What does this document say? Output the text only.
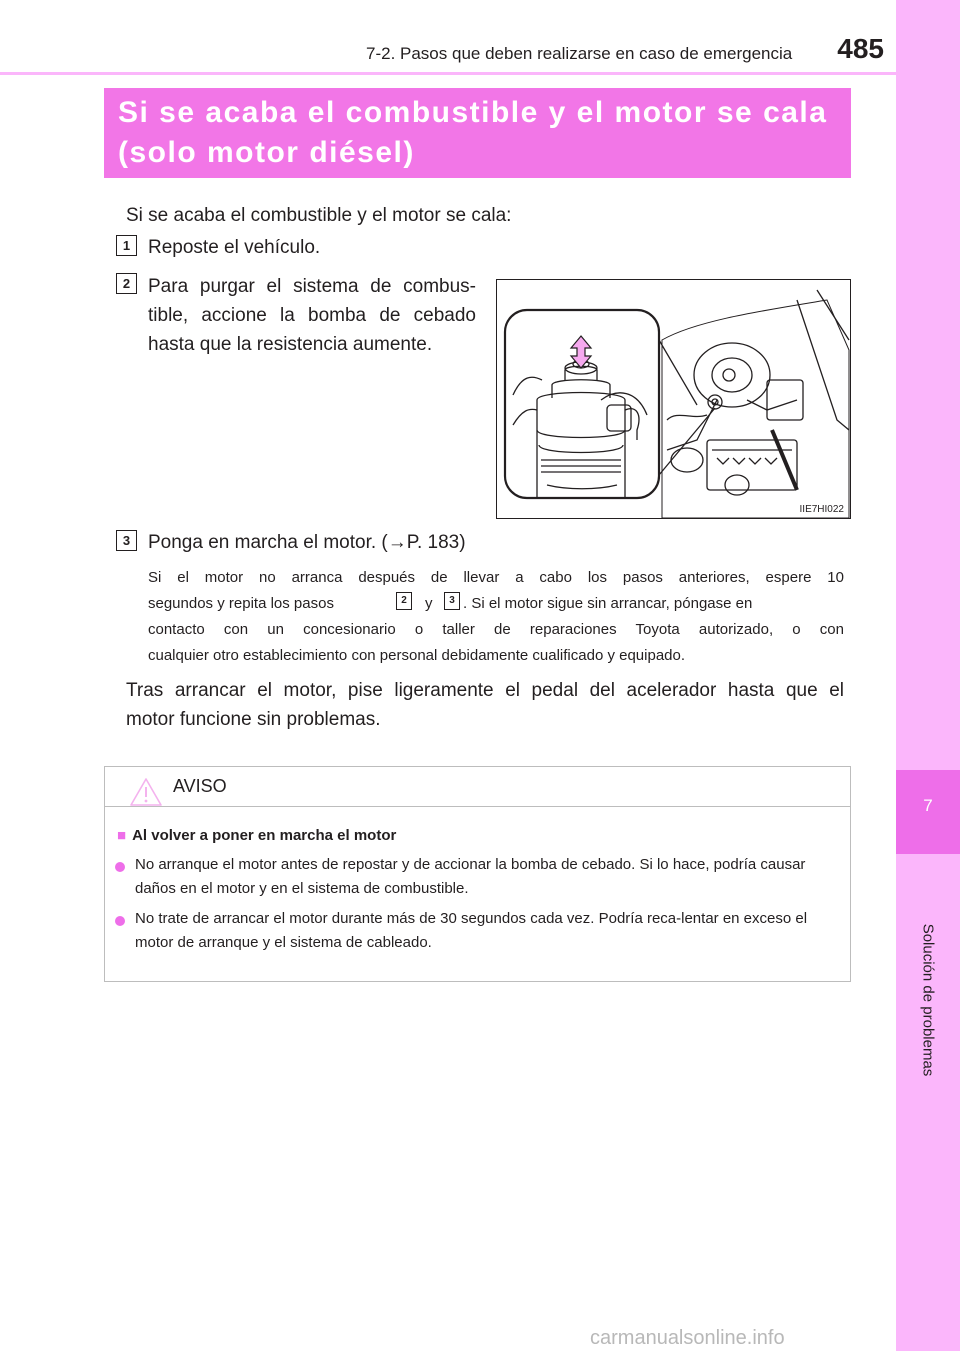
7
Solución de problemas
7-2. Pasos que deben realizarse en caso de emergencia 485
Si se acaba el combustible y el motor se cala
(solo motor diésel)
Si se acaba el combustible y el motor se cala:
1 Reposte el vehículo.
2 Para purgar el sistema de combus-
tible, accione la bomba de cebado
hasta que la resistencia aumente.
IIE7HI022
3 Ponga en marcha el motor. (→P. 183)
Si el motor no arranca después de llevar a cabo los pasos anteriores, espere 10
segundos y repita los pasos	2	y	3 . Si el motor sigue sin arrancar, póngase en
contacto con un concesionario o taller de reparaciones Toyota autorizado, o con
cualquier otro establecimiento con personal debidamente cualificado y equipado.
Tras arrancar el motor, pise ligeramente el pedal del acelerador hasta que el
motor funcione sin problemas.
AVISO
■ Al volver a poner en marcha el motor
No arranque el motor antes de repostar y de accionar la bomba de cebado. Si lo hace, podría causar daños en el motor y en el sistema de combustible.
No trate de arrancar el motor durante más de 30 segundos cada vez. Podría reca-lentar en exceso el motor de arranque y el sistema de cableado.
carmanualsonline.info
